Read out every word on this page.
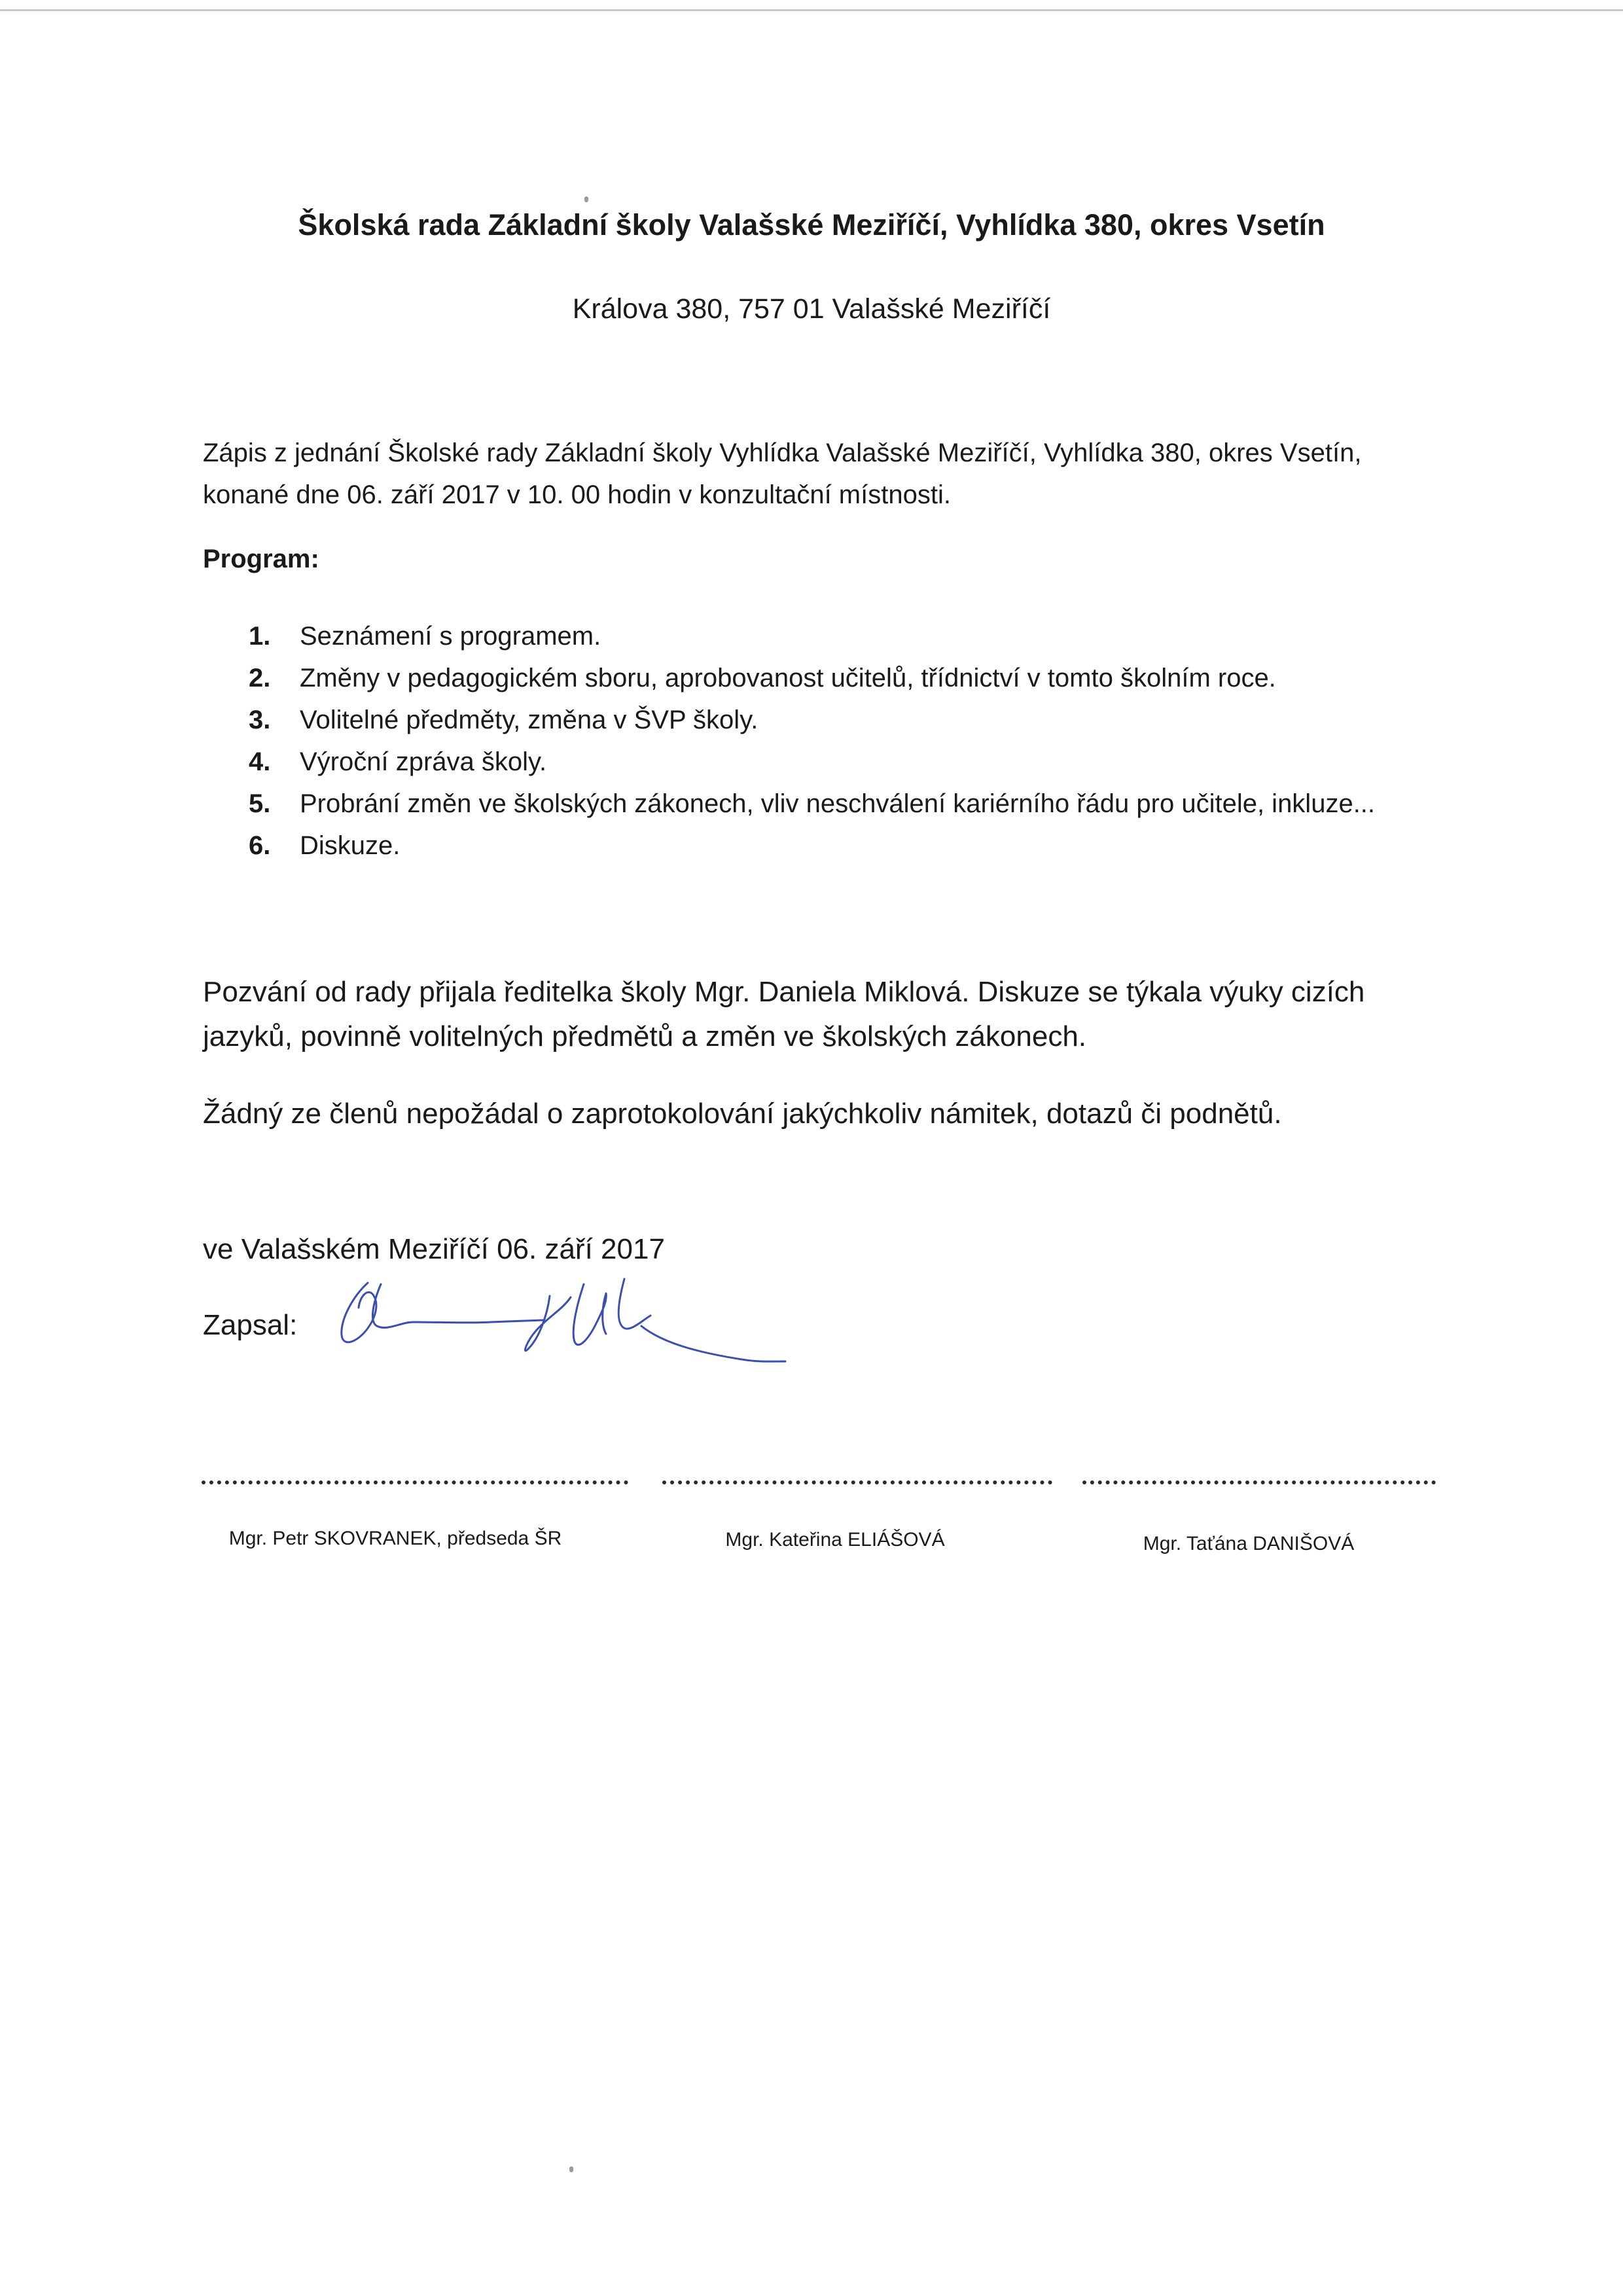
Školská rada Základní školy Valašské Meziříčí, Vyhlídka 380, okres Vsetín
Králova 380, 757 01 Valašské Meziříčí
Zápis z jednání Školské rady Základní školy Vyhlídka Valašské Meziříčí, Vyhlídka 380, okres Vsetín,
konané dne 06. září 2017 v 10. 00 hodin v konzultační místnosti.
Program:
1. Seznámení s programem.
2. Změny v pedagogickém sboru, aprobovanost učitelů, třídnictví v tomto školním roce.
3. Volitelné předměty, změna v ŠVP školy.
4. Výroční zpráva školy.
5. Probrání změn ve školských zákonech, vliv neschválení kariérního řádu pro učitele, inkluze...
6. Diskuze.
Pozvání od rady přijala ředitelka školy Mgr. Daniela Miklová. Diskuze se týkala výuky cizích
jazyků, povinně volitelných předmětů a změn ve školských zákonech.
Žádný ze členů nepožádal o zaprotokolování jakýchkoliv námitek, dotazů či podnětů.
ve Valašském Meziříčí 06. září 2017
Zapsal:
Mgr. Petr SKOVRANEK, předseda ŠR	Mgr. Kateřina ELIÁŠOVÁ	Mgr. Taťána DANIŠOVÁ
